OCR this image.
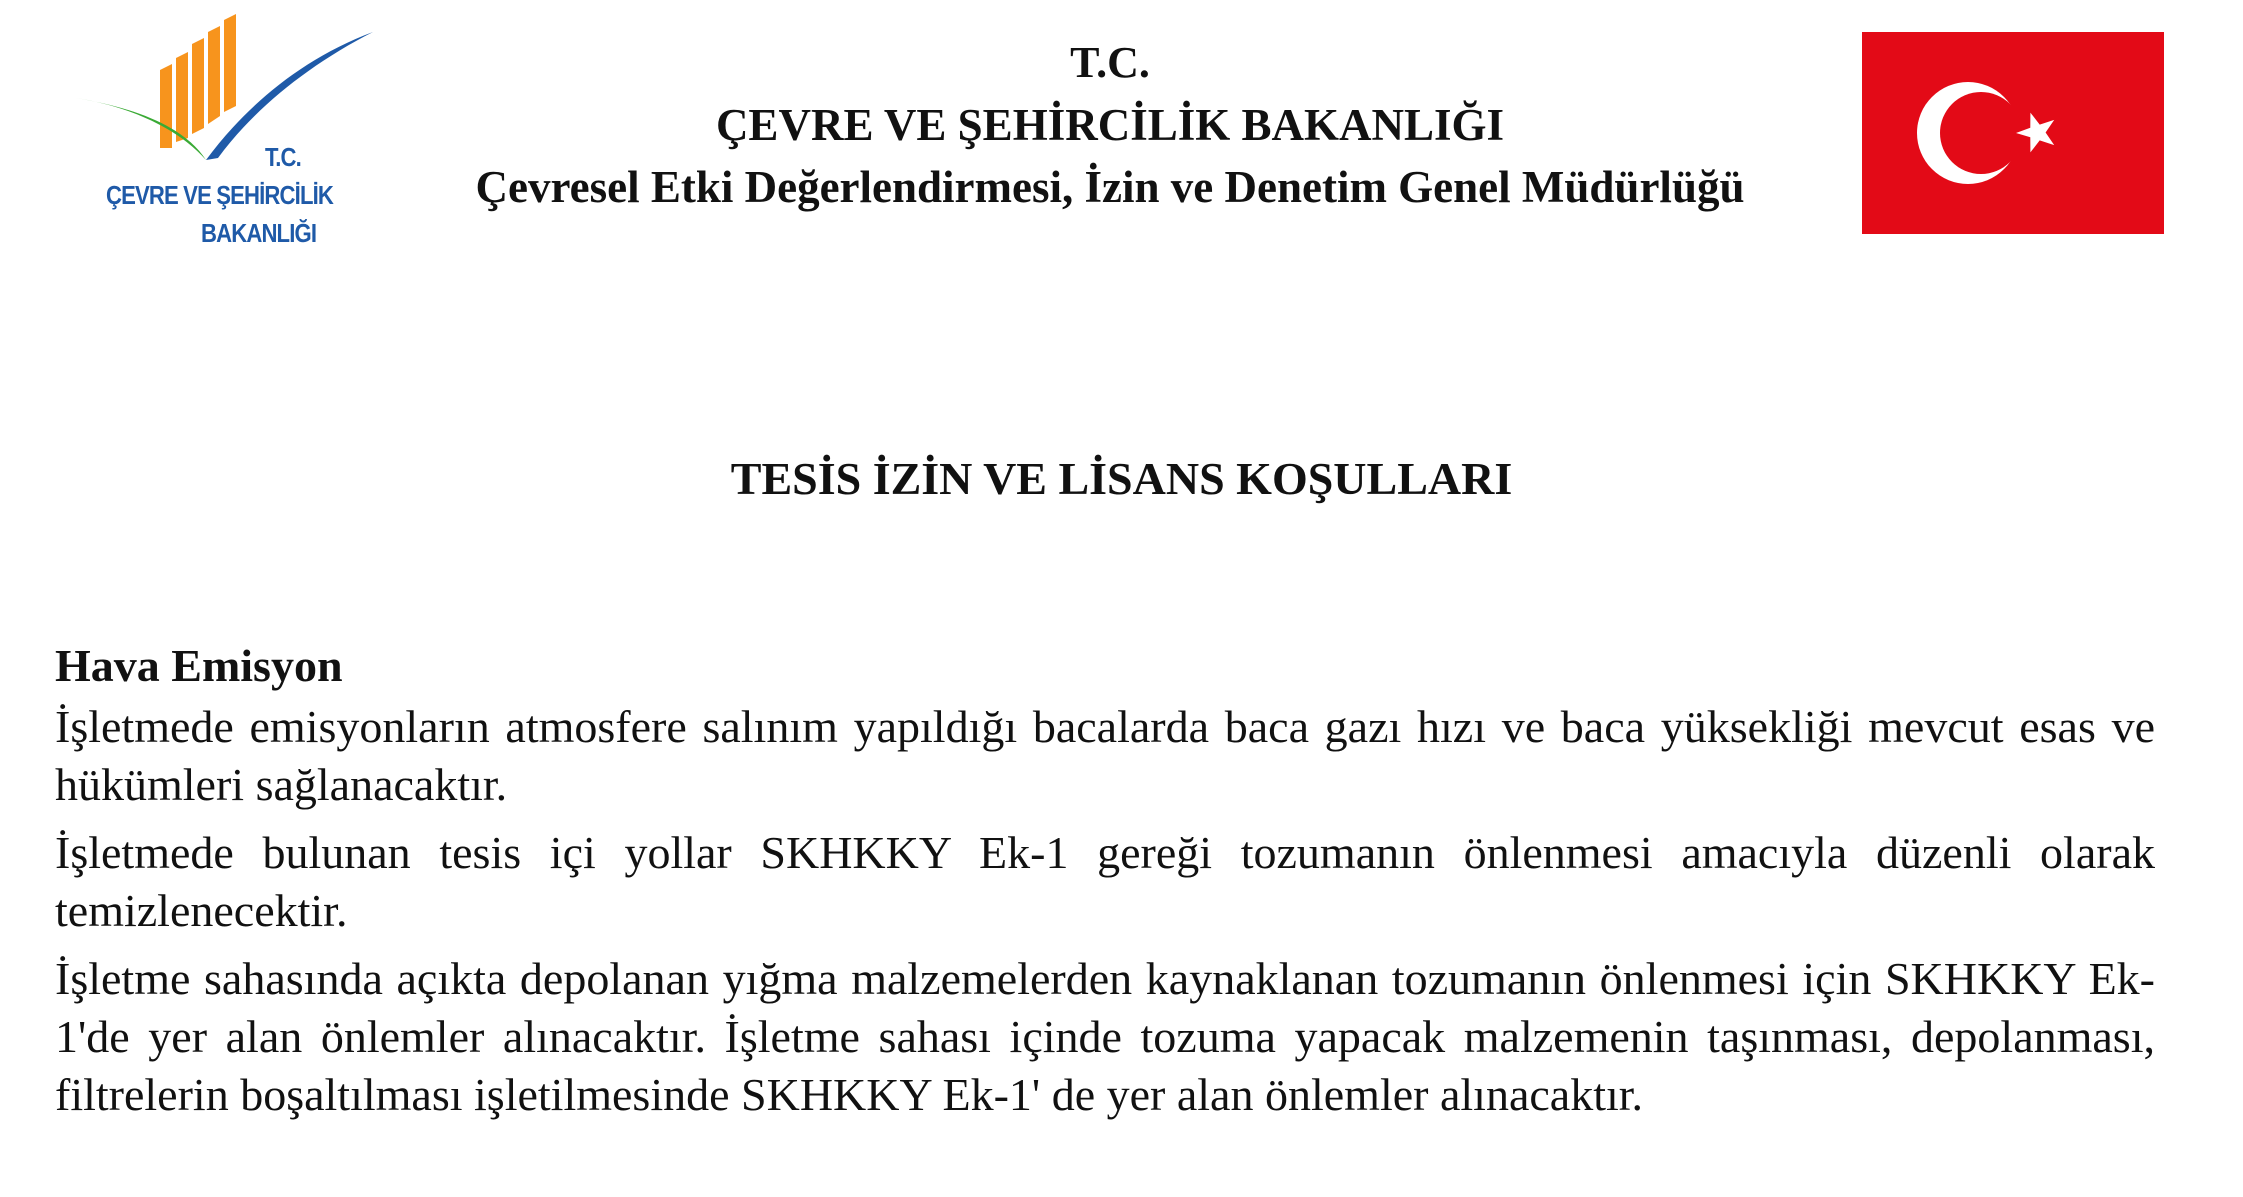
T.C.
ÇEVRE VE ŞEHİRCİLİK
BAKANLIĞI
T.C.
ÇEVRE VE ŞEHİRCİLİK BAKANLIĞI
Çevresel Etki Değerlendirmesi, İzin ve Denetim Genel Müdürlüğü
TESİS İZİN VE LİSANS KOŞULLARI
Hava Emisyon

İşletmede emisyonların atmosfere salınım yapıldığı bacalarda baca gazı hızı ve baca yüksekliği mevcut esas ve hükümleri sağlanacaktır.

İşletmede bulunan tesis içi yollar SKHKKY Ek-1 gereği tozumanın önlenmesi amacıyla düzenli olarak temizlenecektir.

İşletme sahasında açıkta depolanan yığma malzemelerden kaynaklanan tozumanın önlenmesi için SKHKKY Ek-1'de yer alan önlemler alınacaktır. İşletme sahası içinde tozuma yapacak malzemenin taşınması, depolanması, filtrelerin boşaltılması işletilmesinde SKHKKY Ek-1' de yer alan önlemler alınacaktır.
